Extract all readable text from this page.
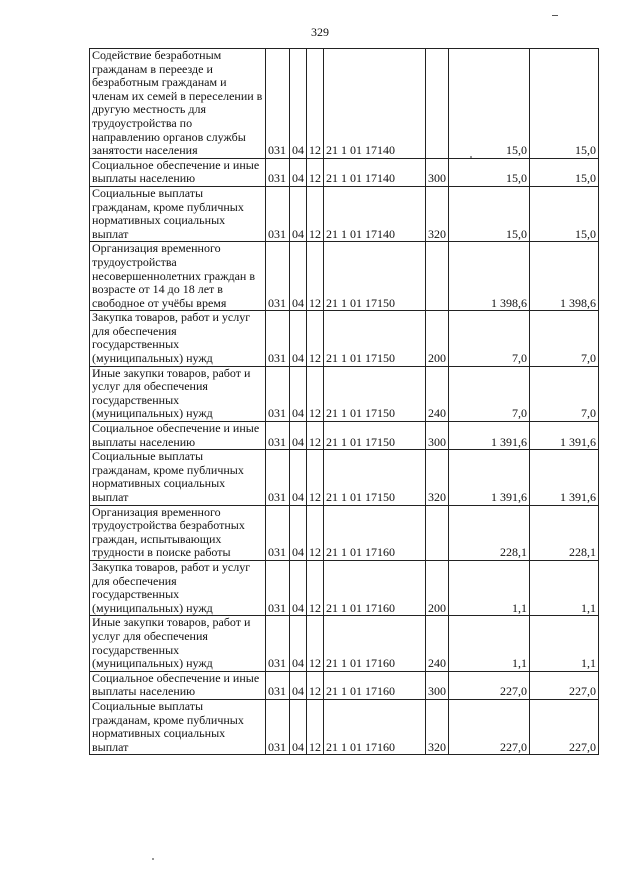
329
Содействие безработным гражданам в переезде и безработным гражданам и членам их семей в переселении в другую местность для трудоустройства по направлению органов службы занятости населения	031	04	12	21 1 01 17140		15,0	15,0
Социальное обеспечение и иные выплаты населению	031	04	12	21 1 01 17140	300	15,0	15,0
Социальные выплаты гражданам, кроме публичных нормативных социальных выплат	031	04	12	21 1 01 17140	320	15,0	15,0
Организация временного трудоустройства несовершеннолетних граждан в возрасте от 14 до 18 лет в свободное от учёбы время	031	04	12	21 1 01 17150		1 398,6	1 398,6
Закупка товаров, работ и услуг для обеспечения государственных (муниципальных) нужд	031	04	12	21 1 01 17150	200	7,0	7,0
Иные закупки товаров, работ и услуг для обеспечения государственных (муниципальных) нужд	031	04	12	21 1 01 17150	240	7,0	7,0
Социальное обеспечение и иные выплаты населению	031	04	12	21 1 01 17150	300	1 391,6	1 391,6
Социальные выплаты гражданам, кроме публичных нормативных социальных выплат	031	04	12	21 1 01 17150	320	1 391,6	1 391,6
Организация временного трудоустройства безработных граждан, испытывающих трудности в поиске работы	031	04	12	21 1 01 17160		228,1	228,1
Закупка товаров, работ и услуг для обеспечения государственных (муниципальных) нужд	031	04	12	21 1 01 17160	200	1,1	1,1
Иные закупки товаров, работ и услуг для обеспечения государственных (муниципальных) нужд	031	04	12	21 1 01 17160	240	1,1	1,1
Социальное обеспечение и иные выплаты населению	031	04	12	21 1 01 17160	300	227,0	227,0
Социальные выплаты гражданам, кроме публичных нормативных социальных выплат	031	04	12	21 1 01 17160	320	227,0	227,0
